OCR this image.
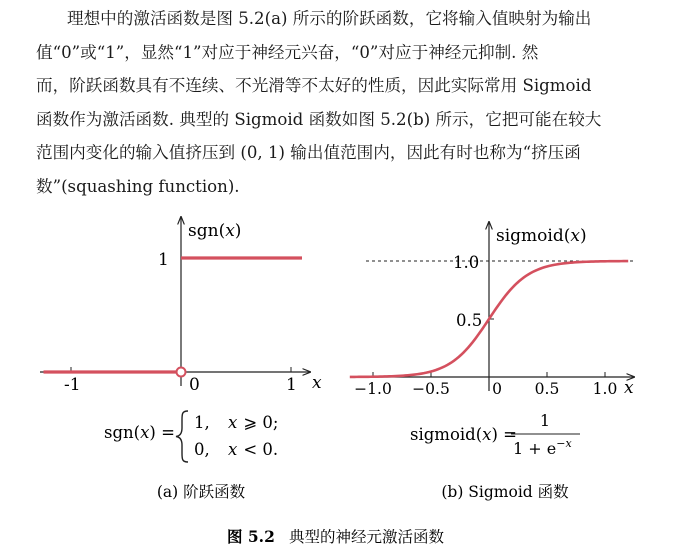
理想中的激活函数是图 5.2(a) 所示的阶跃函数，它将输入值映射为输出
值“0”或“1”，显然“1”对应于神经元兴奋，“0”对应于神经元抑制. 然
而，阶跃函数具有不连续、不光滑等不太好的性质，因此实际常用 Sigmoid
函数作为激活函数. 典型的 Sigmoid 函数如图 5.2(b) 所示，它把可能在较大
范围内变化的输入值挤压到 (0, 1) 输出值范围内，因此有时也称为“挤压函
数”(squashing function).
sgn(x)
1
-1	0	1 x
sgn(x) =
1, x ⩾ 0;
0, x < 0.
(a) 阶跃函数
sigmoid(x)
1.0
0.5
−1.0 −0.5	0 0.5 1.0 x
sigmoid(x) =
1
$1 + e^{-x}$
(b) Sigmoid 函数
图 5.2 典型的神经元激活函数
